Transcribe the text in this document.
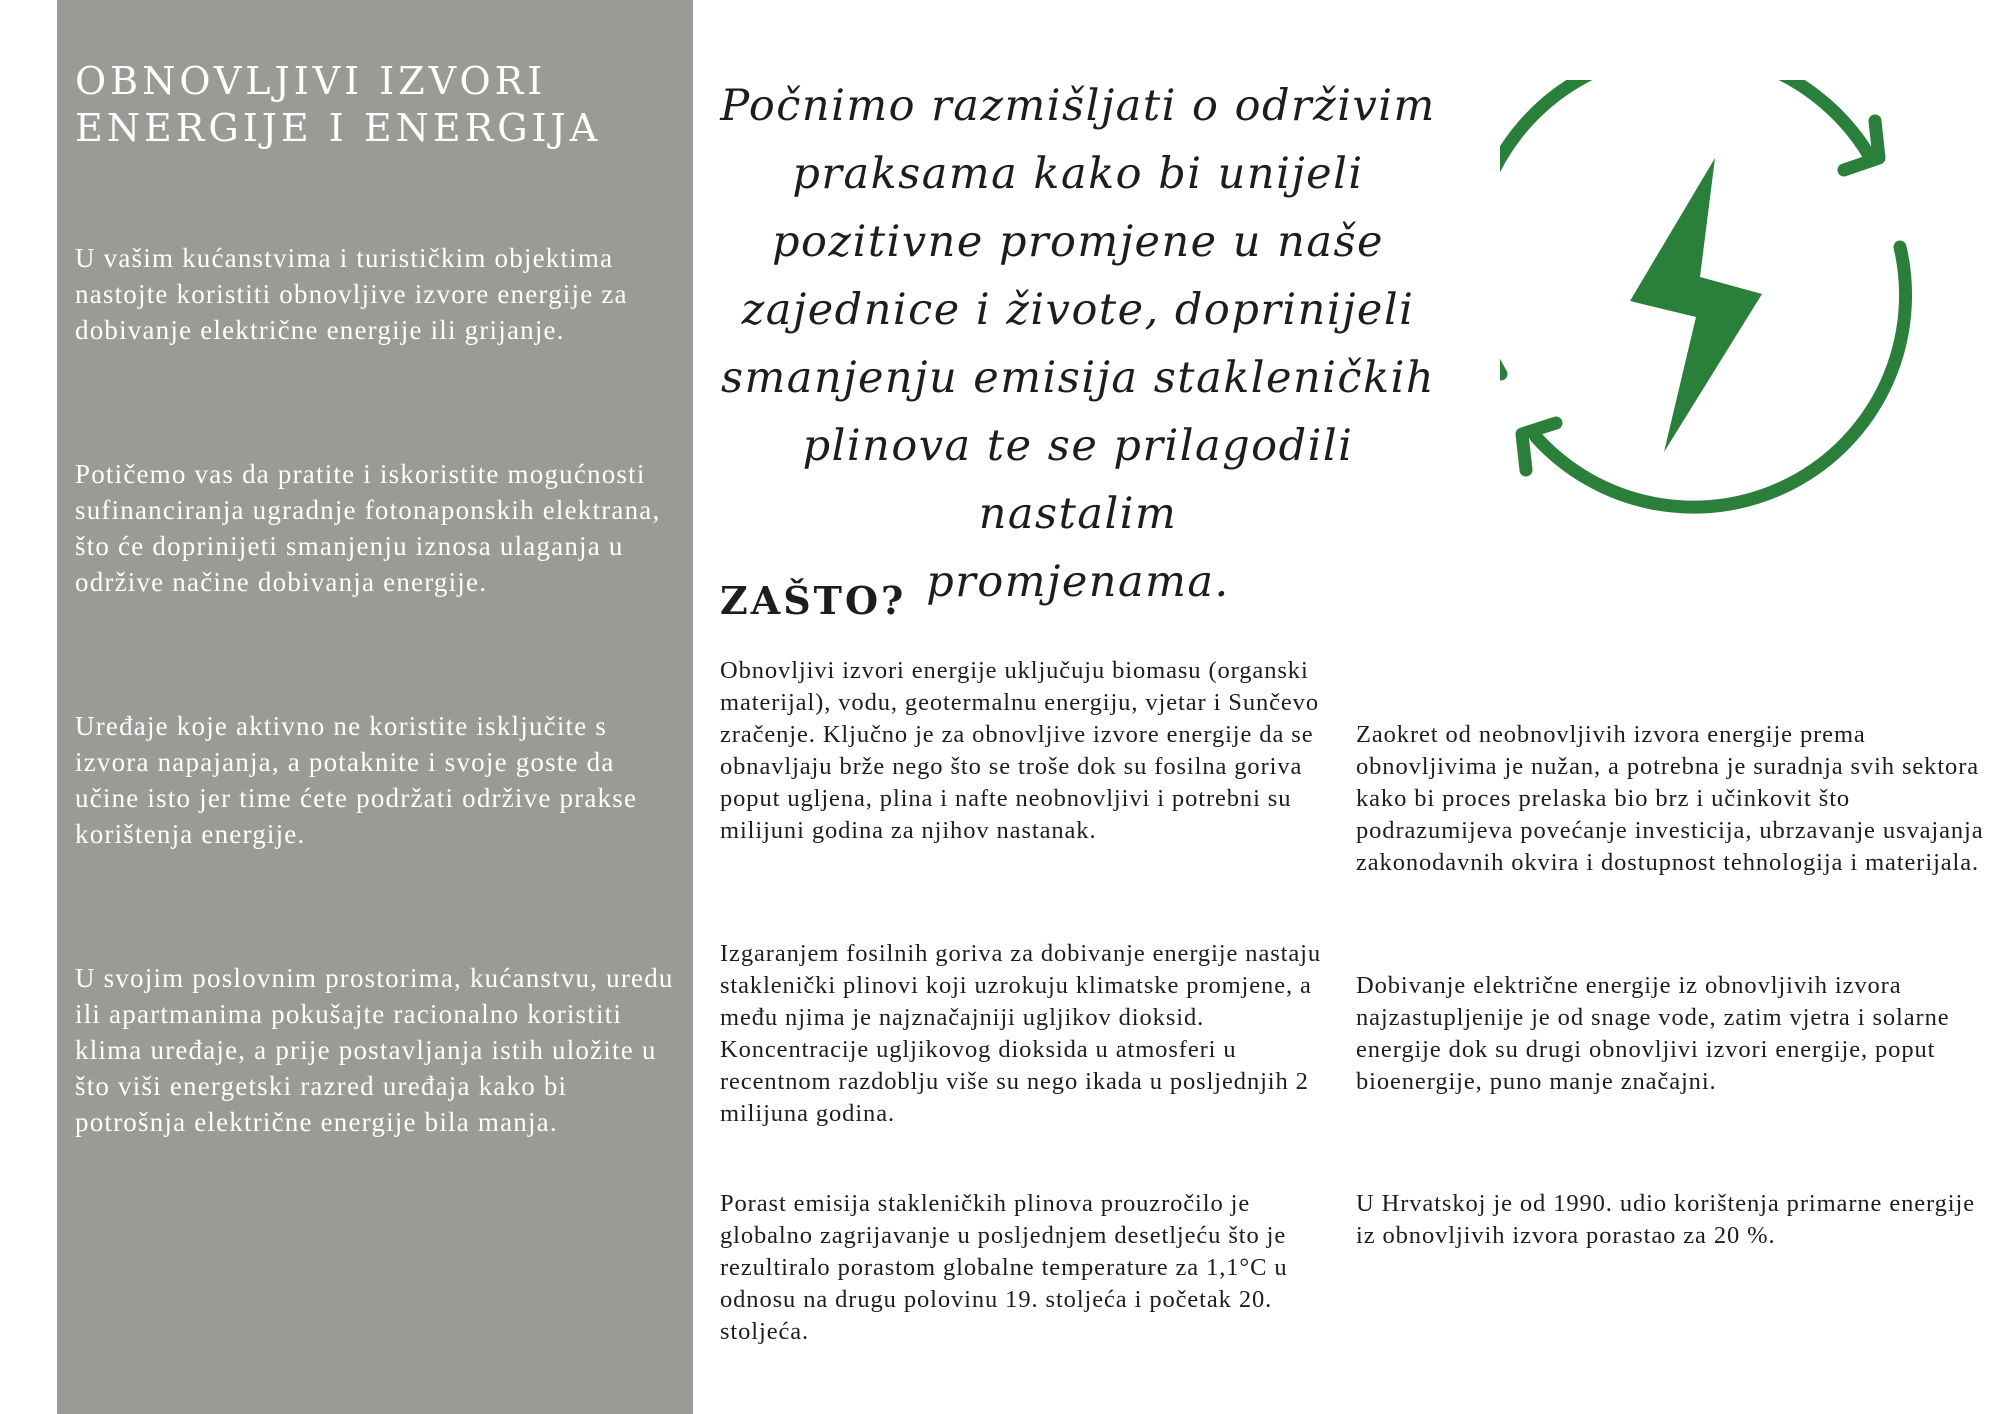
OBNOVLJIVI IZVORI
ENERGIJE I ENERGIJA

U vašim kućanstvima i turističkim objektima nastojte koristiti obnovljive izvore energije za dobivanje električne energije ili grijanje.

Potičemo vas da pratite i iskoristite mogućnosti sufinanciranja ugradnje fotonaponskih elektrana, što će doprinijeti smanjenju iznosa ulaganja u održive načine dobivanja energije.

Uređaje koje aktivno ne koristite isključite s izvora napajanja, a potaknite i svoje goste da učine isto jer time ćete podržati održive prakse korištenja energije.

U svojim poslovnim prostorima, kućanstvu, uredu ili apartmanima pokušajte racionalno koristiti klima uređaje, a prije postavljanja istih uložite u što viši energetski razred uređaja kako bi potrošnja električne energije bila manja.

Počnimo razmišljati o održivim
praksama kako bi unijeli
pozitivne promjene u naše
zajednice i živote, doprinijeli
smanjenju emisija stakleničkih
plinova te se prilagodili nastalim
promjenama.
ZAŠTO?

Obnovljivi izvori energije uključuju biomasu (organski materijal), vodu, geotermalnu energiju, vjetar i Sunčevo zračenje. Ključno je za obnovljive izvore energije da se obnavljaju brže nego što se troše dok su fosilna goriva poput ugljena, plina i nafte neobnovljivi i potrebni su milijuni godina za njihov nastanak.

Izgaranjem fosilnih goriva za dobivanje energije nastaju staklenički plinovi koji uzrokuju klimatske promjene, a među njima je najznačajniji ugljikov dioksid. Koncentracije ugljikovog dioksida u atmosferi u recentnom razdoblju više su nego ikada u posljednjih 2 milijuna godina.

Porast emisija stakleničkih plinova prouzročilo je globalno zagrijavanje u posljednjem desetljeću što je rezultiralo porastom globalne temperature za 1,1°C u odnosu na drugu polovinu 19. stoljeća i početak 20. stoljeća.

Zaokret od neobnovljivih izvora energije prema obnovljivima je nužan, a potrebna je suradnja svih sektora kako bi proces prelaska bio brz i učinkovit što podrazumijeva povećanje investicija, ubrzavanje usvajanja zakonodavnih okvira i dostupnost tehnologija i materijala.

Dobivanje električne energije iz obnovljivih izvora najzastupljenije je od snage vode, zatim vjetra i solarne energije dok su drugi obnovljivi izvori energije, poput bioenergije, puno manje značajni.

U Hrvatskoj je od 1990. udio korištenja primarne energije iz obnovljivih izvora porastao za 20 %.
